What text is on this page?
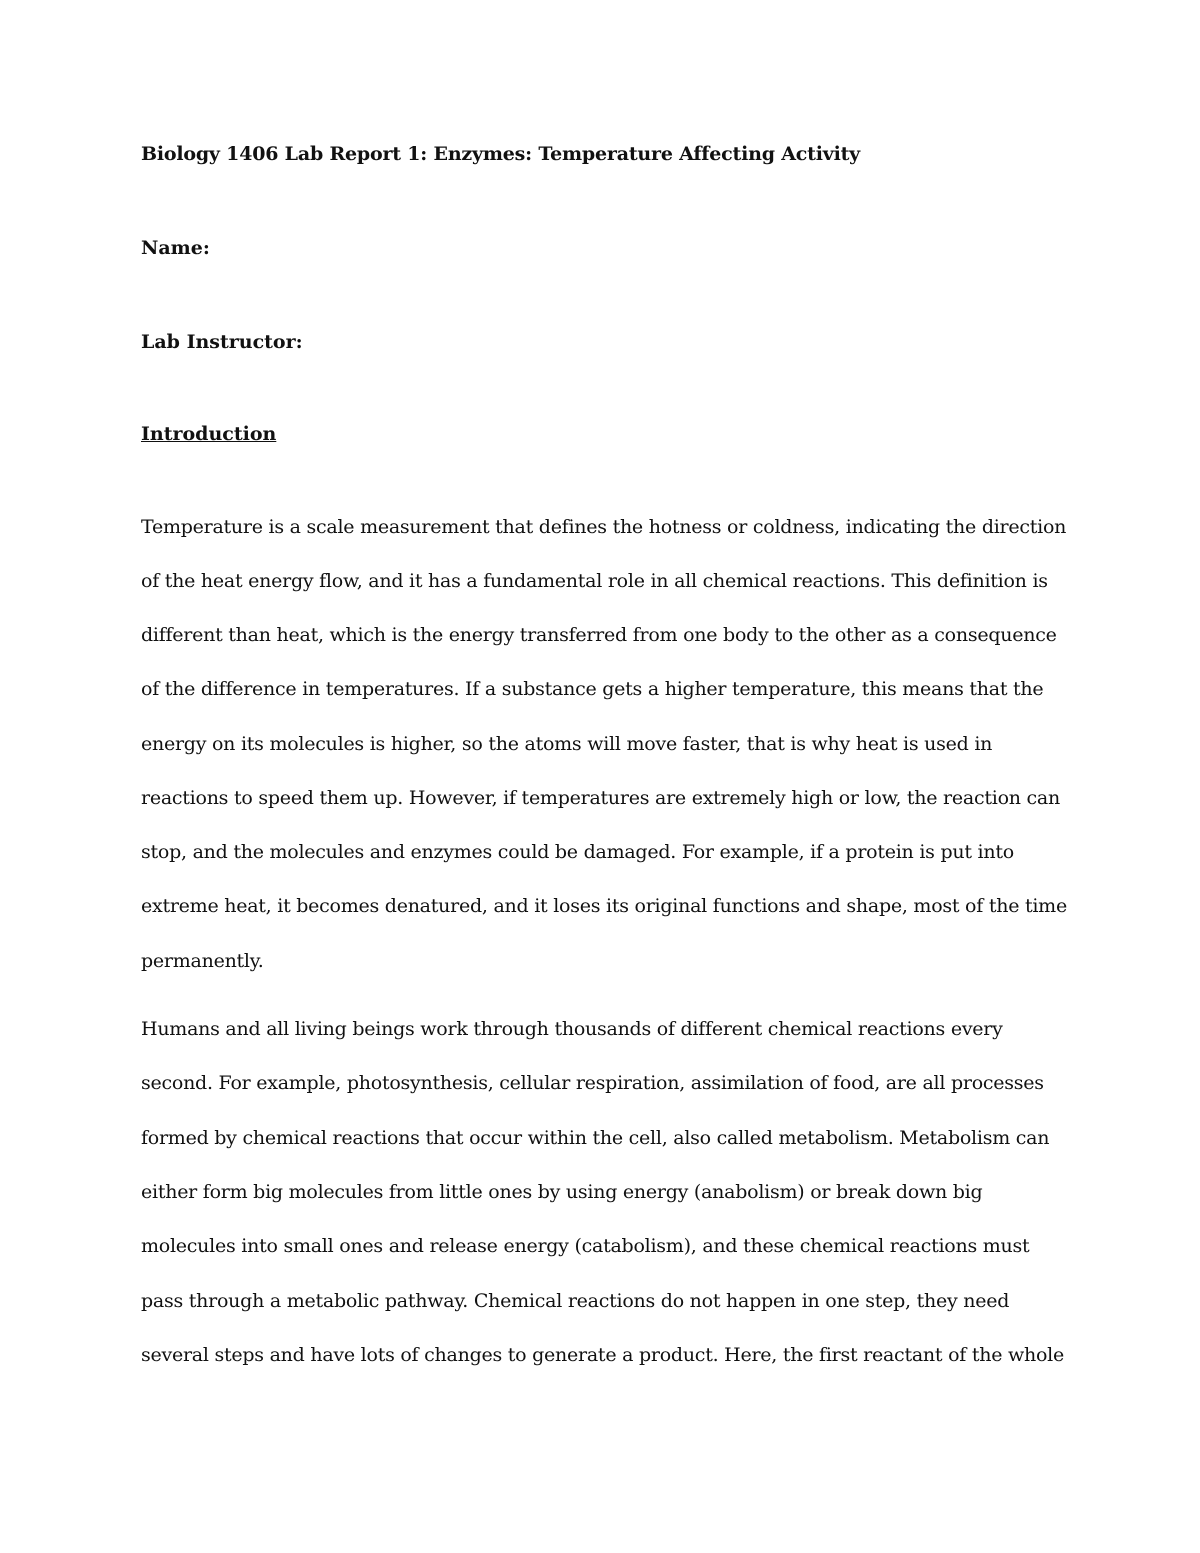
Biology 1406 Lab Report 1: Enzymes: Temperature Affecting Activity

Name:

Lab Instructor:

Introduction

Temperature is a scale measurement that defines the hotness or coldness, indicating the direction

of the heat energy flow, and it has a fundamental role in all chemical reactions. This definition is

different than heat, which is the energy transferred from one body to the other as a consequence

of the difference in temperatures. If a substance gets a higher temperature, this means that the

energy on its molecules is higher, so the atoms will move faster, that is why heat is used in

reactions to speed them up. However, if temperatures are extremely high or low, the reaction can

stop, and the molecules and enzymes could be damaged. For example, if a protein is put into

extreme heat, it becomes denatured, and it loses its original functions and shape, most of the time

permanently.

Humans and all living beings work through thousands of different chemical reactions every

second. For example, photosynthesis, cellular respiration, assimilation of food, are all processes

formed by chemical reactions that occur within the cell, also called metabolism. Metabolism can

either form big molecules from little ones by using energy (anabolism) or break down big

molecules into small ones and release energy (catabolism), and these chemical reactions must

pass through a metabolic pathway. Chemical reactions do not happen in one step, they need

several steps and have lots of changes to generate a product. Here, the first reactant of the whole
